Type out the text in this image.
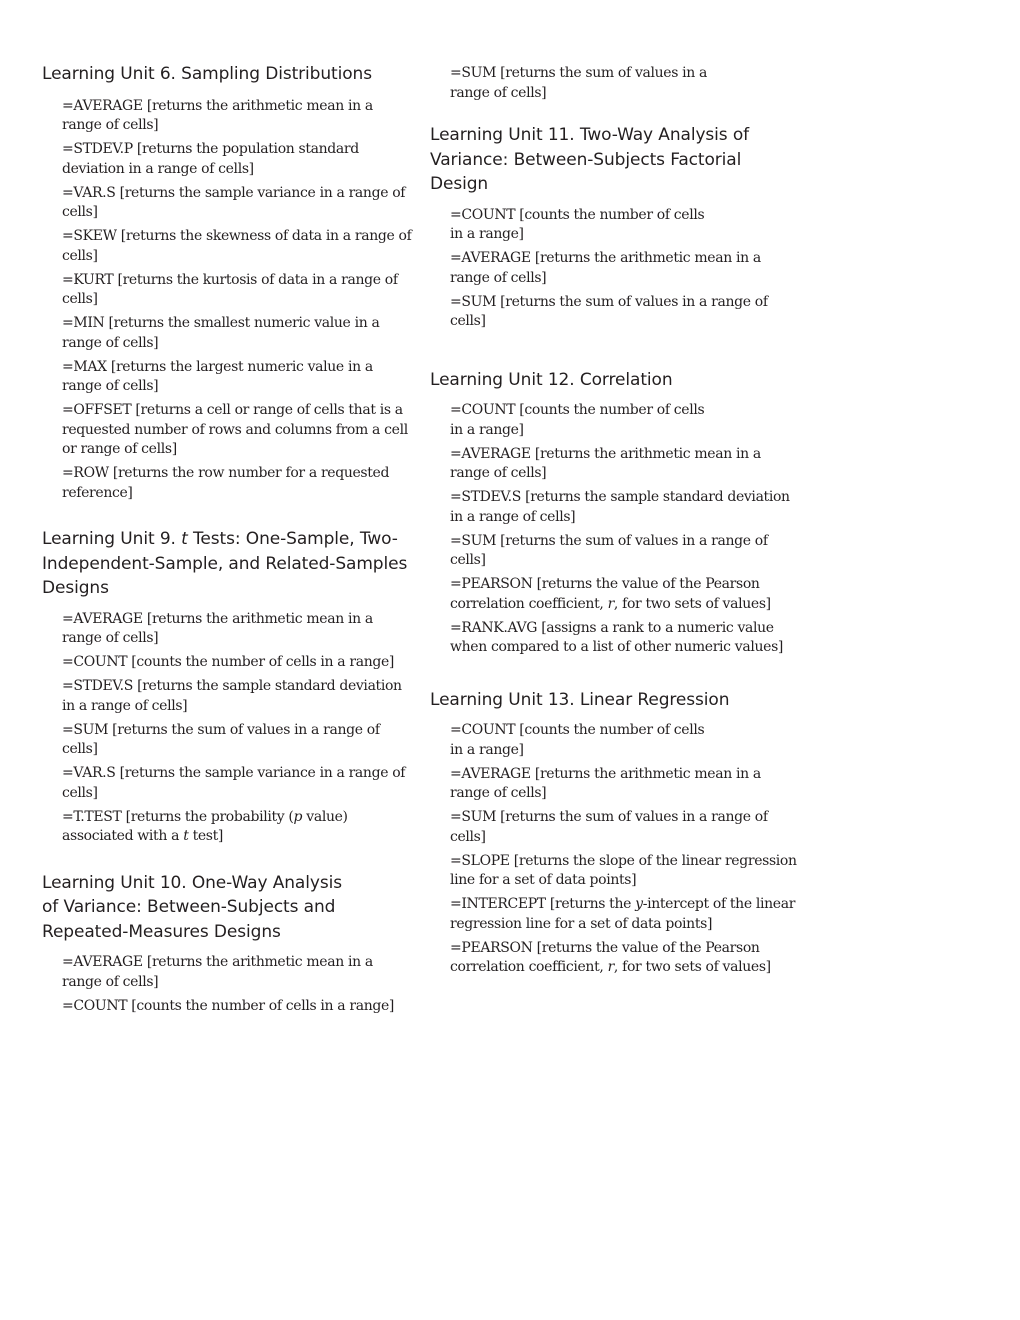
Learning Unit 6. Sampling Distributions
=AVERAGE [returns the arithmetic mean in a range of cells]
=STDEV.P [returns the population standard deviation in a range of cells]
=VAR.S [returns the sample variance in a range of cells]
=SKEW [returns the skewness of data in a range of cells]
=KURT [returns the kurtosis of data in a range of cells]
=MIN [returns the smallest numeric value in a range of cells]
=MAX [returns the largest numeric value in a range of cells]
=OFFSET [returns a cell or range of cells that is a requested number of rows and columns from a cell or range of cells]
=ROW [returns the row number for a requested reference]
Learning Unit 9. t Tests: One-Sample, Two-Independent-Sample, and Related-Samples Designs
=AVERAGE [returns the arithmetic mean in a range of cells]
=COUNT [counts the number of cells in a range]
=STDEV.S [returns the sample standard deviation in a range of cells]
=SUM [returns the sum of values in a range of cells]
=VAR.S [returns the sample variance in a range of cells]
=T.TEST [returns the probability (p value) associated with a t test]
Learning Unit 10. One-Way Analysis of Variance: Between-Subjects and Repeated-Measures Designs
=AVERAGE [returns the arithmetic mean in a range of cells]
=COUNT [counts the number of cells in a range]
=SUM [returns the sum of values in a range of cells]
Learning Unit 11. Two-Way Analysis of Variance: Between-Subjects Factorial Design
=COUNT [counts the number of cells in a range]
=AVERAGE [returns the arithmetic mean in a range of cells]
=SUM [returns the sum of values in a range of cells]
Learning Unit 12. Correlation
=COUNT [counts the number of cells in a range]
=AVERAGE [returns the arithmetic mean in a range of cells]
=STDEV.S [returns the sample standard deviation in a range of cells]
=SUM [returns the sum of values in a range of cells]
=PEARSON [returns the value of the Pearson correlation coefficient, r, for two sets of values]
=RANK.AVG [assigns a rank to a numeric value when compared to a list of other numeric values]
Learning Unit 13. Linear Regression
=COUNT [counts the number of cells in a range]
=AVERAGE [returns the arithmetic mean in a range of cells]
=SUM [returns the sum of values in a range of cells]
=SLOPE [returns the slope of the linear regression line for a set of data points]
=INTERCEPT [returns the y-intercept of the linear regression line for a set of data points]
=PEARSON [returns the value of the Pearson correlation coefficient, r, for two sets of values]
